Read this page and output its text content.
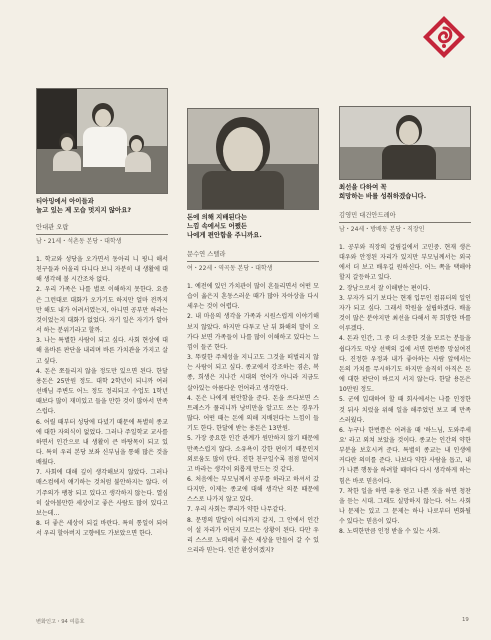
티아밍에서 아이들과
놀고 있는 제 모습 멋지지 않아요?
안대관 오랍
남・21세・석촌동 본당・대학생

1. 학교와 성당을 오가면서 동아리 니 핑니 해서 친구들과 어울리 다니다 보니 자분히 내 생활에 대해 생각해 볼 시간조차 없다.

2. 우리 가족은 나를 별로 이해하지 못한다. 요즘은 그런대로 대화가 오가기도 하지만 얼마 전까지만 해도 내가 어려서였는지, 아니면 공부만 하라는 것이었는지 대화가 없었다. 자기 일은 자기가 알아서 하는 분위기라고 할까.

3. 나는 특별한 사람이 되고 싶다. 사회 현상에 대해 올바른 판단을 내리며 바른 가치관을 가지고 살고 싶다.

4. 돈은 쪼들리지 않을 정도만 있으면 된다. 한달 용돈은 25만원 정도. 대학 2학년이 되니까 여러 선배님 주변도 어느 정도 정리되고 수업도 1학년 때보다 많이 재미있고 들을 만한 것이 많아서 만족스럽다.

6. 어릴 때부터 성당에 다녔기 때문에 특별히 종교에 대한 자의식이 없었다. 그러나 주일학교 교사를 하면서 인간으로 내 생활이 큰 바탕목이 되고 있다. 특히 우리 본당 보좌 신부님을 통해 많은 것을 배웠다.

7. 사회에 대해 깊이 생각해보지 않았다. 그러나 매스컴에서 얘기하는 것처럼 불안하지는 않다. 이기주의가 팽창 되고 있다고 생각하지 않는다. 열심히 살아볼만한 세상이고 좋은 사람도 많이 있다고 보는데...

8. 더 좋은 세상이 되길 바란다. 특히 통일이 되어서 우리 할아버지 고향에도 가보았으면 한다.

돈에 의해 지배된다는
느낌 속에서도 어쨌든
나에게 편안함을 주니까요.
문수연 스텔라
여・22세・역곡동 본당・대학생

1. 예전에 있던 가치관이 많이 흔들리면서 어떤 모습이 옳은지 혼동스러운 때가 많아 자아상을 다시 세우는 것이 어렵다.

2. 내 마음의 생각을 가족과 시원스럽게 이야기해 보지 않았다. 하지만 다투고 난 뒤 화해의 말이 오가다 보면 가족들이 나를 많이 이해하고 있다는 느낌이 들곤 한다.

3. 뚜렷한 주체성을 지니고도 그것을 떠벌리지 않는 사람이 되고 싶다. 종교에서 강조하는 겸손, 복종, 희생은 지나간 시대의 언어가 아니라 지금도 살아있는 아름다운 언어라고 생각한다.

4. 돈은 나에게 편안함을 준다. 돈을 쓰다보면 스트레스가 풀리니까 낭비만을 알고도 쓰는 경우가 많다. 어떤 때는 돈에 의해 지배된다는 느낌이 들기도 한다. 한달에 받는 용돈은 13만원.

5. 가장 중요한 인간 관계가 원만하지 않기 때문에 만족스럽지 않다. 소유욕이 강한 편이기 때문인지 외로움도 많이 탄다. 진한 친구일수록 점점 멀어지고 바라는 생각이 외롭게 만드는 것 같다.

6. 처음에는 부모님께서 공부를 하라고 하셔서 갔다지만, 이제는 종교에 대해 생각난 의문 때문에 스스로 나가지 않고 있다.

7. 우리 사회는 뿌리가 약한 나무같다.

8. 문명의 발달이 어디까지 갈지, 그 안에서 인간이 설 자리가 어딘지 모르는 상황이 된다. 다만 우리 스스로 노력해서 좋은 세상을 만들어 갈 수 있으리라 믿는다. 인간 환상이겠지?

최선을 다하여 꼭
희망하는 바를 성취하겠습니다.
김영민 대건안드레아
남・24세・방배동 본당・직장인

1. 공부와 직장의 갈림길에서 고민중. 현재 생은 대우와 안정된 자리가 있지만 부모님께서는 외국에서 더 보고 배우길 원하신다. 어느 쪽을 택해야 할지 갈등하고 있다.

2. 장남으로서 잘 이해받는 편이다.

3. 부자가 되기 보다는 현재 입무인 컴퓨터의 일인자가 되고 싶다. 그래서 학원을 설립하겠다. 배울 것이 많은 분야지만 최선을 다해서 꼭 희망한 바를 이루겠다.

4. 돈과 인간, 그 중 더 소중한 것을 모르는 분들을 쉽다가도 막상 선택의 길에 서면 한번쯤 망설여진다. 진정한 우정과 내가 좋아하는 사람 앞에서는 돈의 가치를 무시하기도 하지만 솔직히 아직은 돈에 대한 판단이 바르지 서지 않는다. 한달 용돈은 10만원 정도.

5. 군에 입대하여 할 때 회사에서는 나를 인정한 것 뒤사 치렀을 위해 일을 해주었던 보고 페 만족스러웠다.

6. 누구나 한번쯤은 어려울 때 '하느님, 도와주세요' 라고 외쳐 보았을 것이다. 종교는 인간의 약한 부분을 보호시켜 준다. 특별히 종교는 내 인생에 커다란 의미를 준다. 나보다 약한 사람을 돕고, 내가 나쁜 행동을 하려할 때마다 다시 생각하게 하는 힘은 바로 믿음이다.

7. 착한 일을 하면 유용 얻고 나쁜 짓을 하면 청찬을 듣는 시대. 그래도 실망하지 않는다. 어느 사회나 문제는 있고 그 문제는 하나 나로부터 변화될 수 있다는 믿음이 있다.

8. 노력한만큼 인정 받을 수 있는 사회.

변화인고・94 여름호	19
